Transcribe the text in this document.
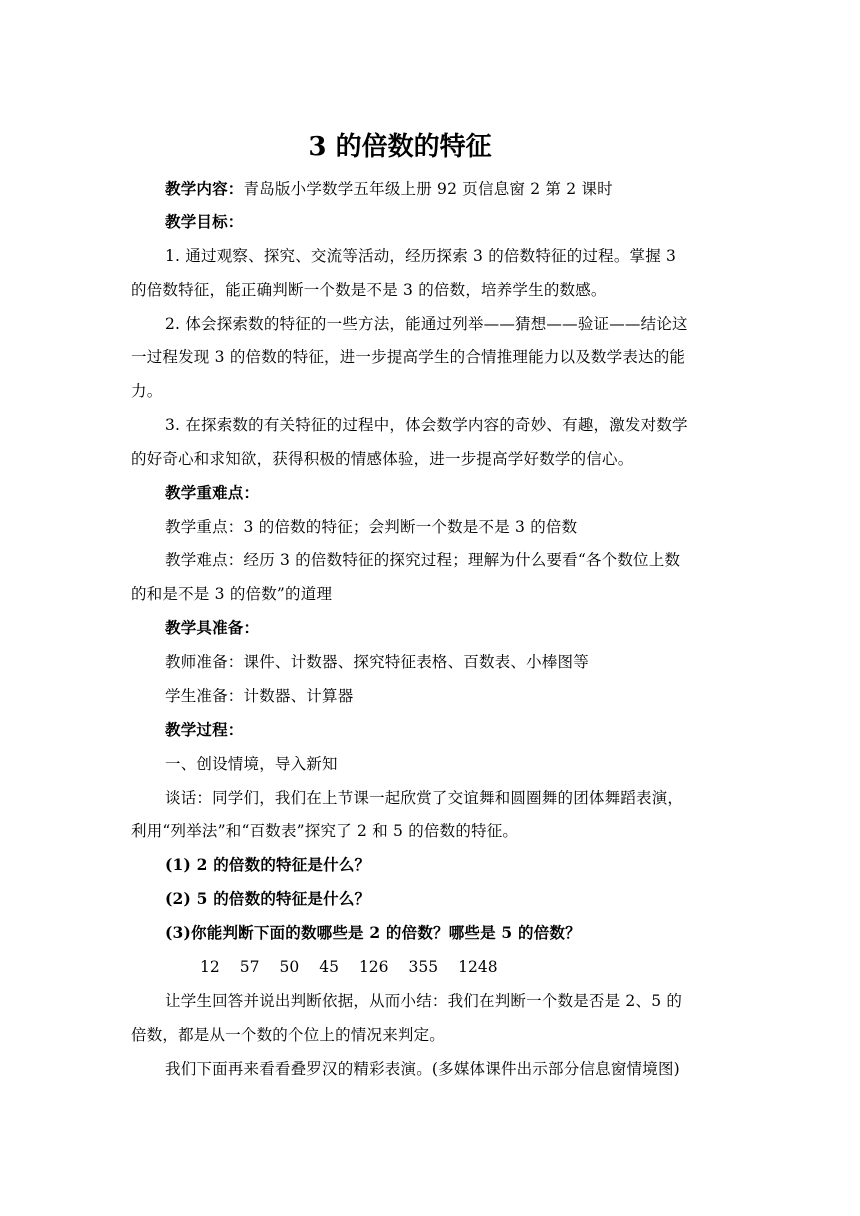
3 的倍数的特征

教学内容：青岛版小学数学五年级上册 92 页信息窗 2 第 2 课时

教学目标：

1. 通过观察、探究、交流等活动，经历探索 3 的倍数特征的过程。掌握 3

的倍数特征，能正确判断一个数是不是 3 的倍数，培养学生的数感。

2. 体会探索数的特征的一些方法，能通过列举——猜想——验证——结论这

一过程发现 3 的倍数的特征，进一步提高学生的合情推理能力以及数学表达的能

力。

3. 在探索数的有关特征的过程中，体会数学内容的奇妙、有趣，激发对数学

的好奇心和求知欲，获得积极的情感体验，进一步提高学好数学的信心。

教学重难点：

教学重点：3 的倍数的特征；会判断一个数是不是 3 的倍数

教学难点：经历 3 的倍数特征的探究过程；理解为什么要看“各个数位上数

的和是不是 3 的倍数”的道理

教学具准备：

教师准备：课件、计数器、探究特征表格、百数表、小棒图等

学生准备：计数器、计算器

教学过程：

一、创设情境，导入新知

谈话：同学们，我们在上节课一起欣赏了交谊舞和圆圈舞的团体舞蹈表演，

利用“列举法”和“百数表”探究了 2 和 5 的倍数的特征。

(1) 2 的倍数的特征是什么？

(2) 5 的倍数的特征是什么？

(3)你能判断下面的数哪些是 2 的倍数？哪些是 5 的倍数？

12 57 50 45 126 355 1248

让学生回答并说出判断依据，从而小结：我们在判断一个数是否是 2、5 的

倍数，都是从一个数的个位上的情况来判定。

我们下面再来看看叠罗汉的精彩表演。(多媒体课件出示部分信息窗情境图)
